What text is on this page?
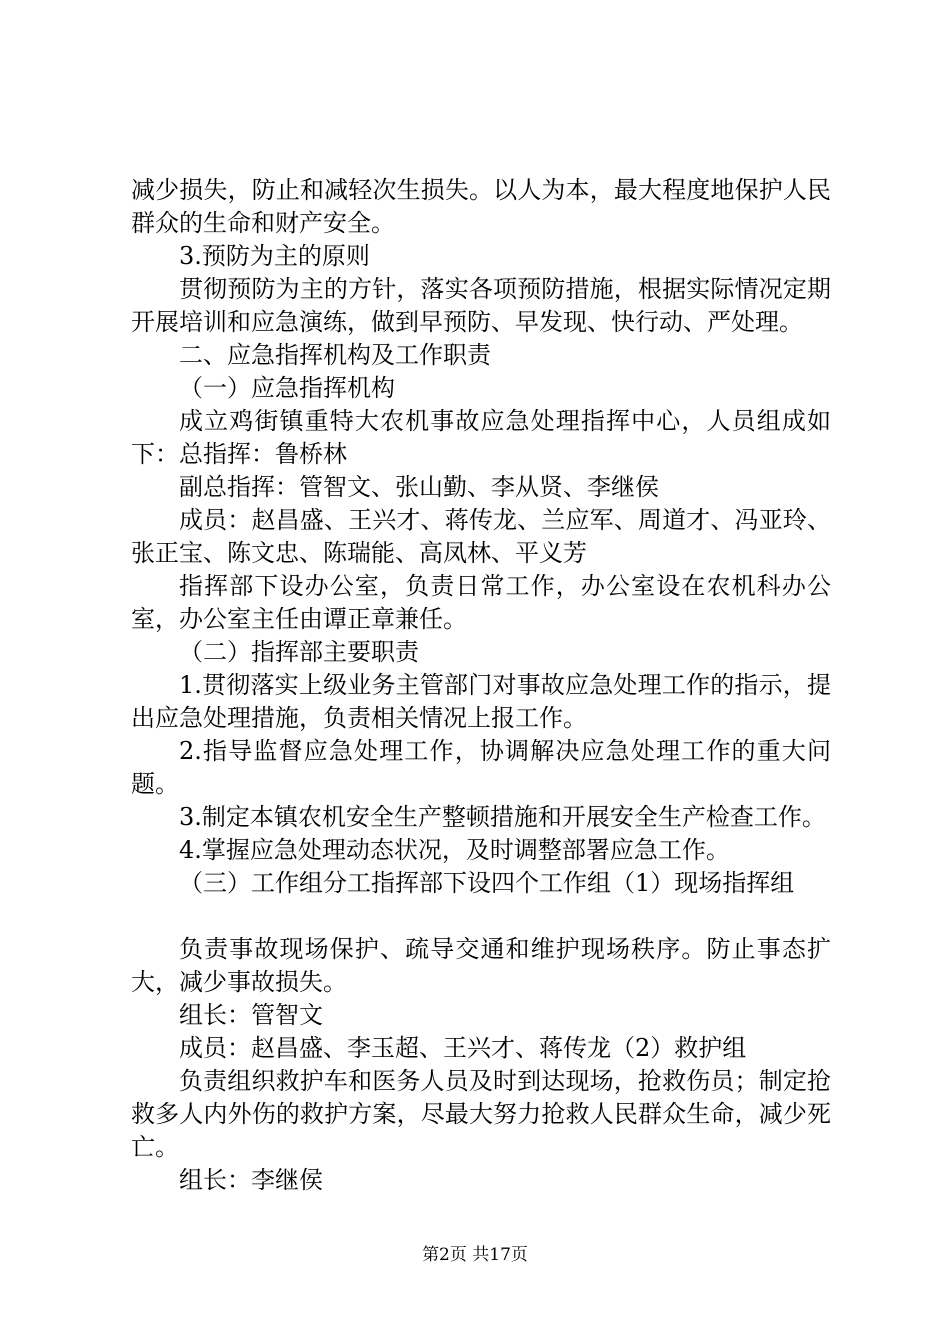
减少损失，防止和减轻次生损失。以人为本，最大程度地保护人民群众的生命和财产安全。

3.预防为主的原则

贯彻预防为主的方针，落实各项预防措施，根据实际情况定期开展培训和应急演练，做到早预防、早发现、快行动、严处理。

二、应急指挥机构及工作职责

（一）应急指挥机构

成立鸡街镇重特大农机事故应急处理指挥中心，人员组成如下：总指挥：鲁桥林

副总指挥：管智文、张山勤、李从贤、李继侯

成员：赵昌盛、王兴才、蒋传龙、兰应军、周道才、冯亚玲、张正宝、陈文忠、陈瑞能、高凤林、平义芳

指挥部下设办公室，负责日常工作，办公室设在农机科办公室，办公室主任由谭正章兼任。

（二）指挥部主要职责

1.贯彻落实上级业务主管部门对事故应急处理工作的指示，提出应急处理措施，负责相关情况上报工作。

2.指导监督应急处理工作，协调解决应急处理工作的重大问题。

3.制定本镇农机安全生产整顿措施和开展安全生产检查工作。

4.掌握应急处理动态状况，及时调整部署应急工作。

（三）工作组分工指挥部下设四个工作组（1）现场指挥组

负责事故现场保护、疏导交通和维护现场秩序。防止事态扩大，减少事故损失。

组长：管智文

成员：赵昌盛、李玉超、王兴才、蒋传龙（2）救护组

负责组织救护车和医务人员及时到达现场，抢救伤员；制定抢救多人内外伤的救护方案，尽最大努力抢救人民群众生命，减少死亡。

组长：李继侯

第2页 共17页
